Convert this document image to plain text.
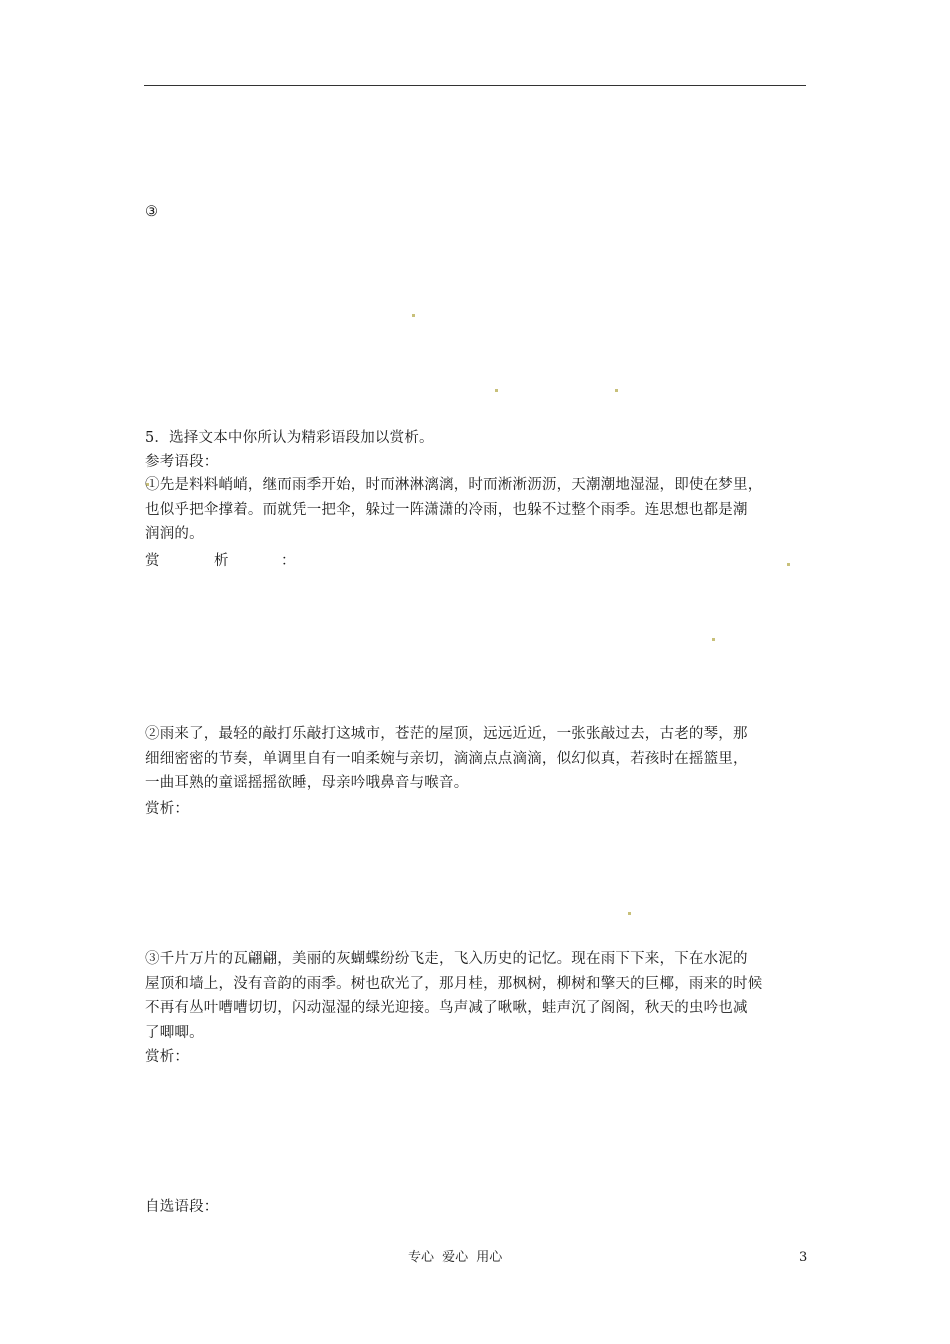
③
5．选择文本中你所认为精彩语段加以赏析。
参考语段：
①先是料料峭峭，继而雨季开始，时而淋淋漓漓，时而淅淅沥沥，天潮潮地湿湿，即使在梦里，
也似乎把伞撑着。而就凭一把伞，躲过一阵潇潇的冷雨，也躲不过整个雨季。连思想也都是潮
润润的。
赏	析	：
②雨来了，最轻的敲打乐敲打这城市，苍茫的屋顶，远远近近，一张张敲过去，古老的琴，那
细细密密的节奏，单调里自有一咱柔婉与亲切，滴滴点点滴滴，似幻似真，若孩时在摇篮里，
一曲耳熟的童谣摇摇欲睡，母亲吟哦鼻音与喉音。
赏析：
③千片万片的瓦翩翩，美丽的灰蝴蝶纷纷飞走，飞入历史的记忆。现在雨下下来，下在水泥的
屋顶和墙上，没有音韵的雨季。树也砍光了，那月桂，那枫树，柳树和擎天的巨椰，雨来的时候
不再有丛叶嘈嘈切切，闪动湿湿的绿光迎接。鸟声减了啾啾，蛙声沉了阁阁，秋天的虫吟也减
了唧唧。
赏析：
自选语段：
专心 爱心 用心	3
